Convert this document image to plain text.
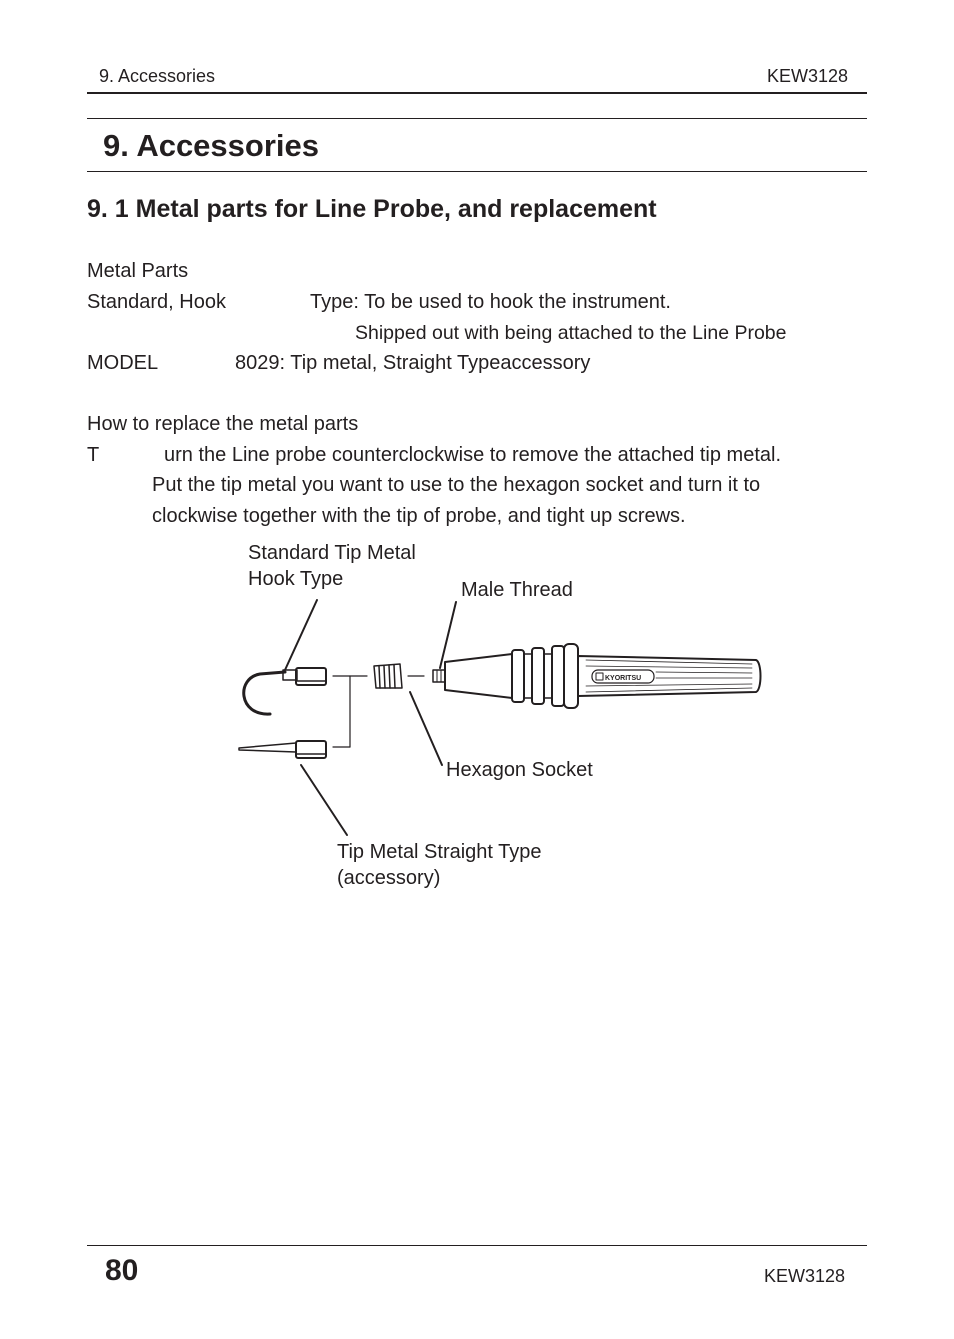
9. Accessories	KEW3128
9. Accessories
9. 1 Metal parts for Line Probe, and replacement
Metal Parts
Standard, Hook	Type: To be used to hook the instrument.
Shipped out with being attached to the Line Probe
MODEL	8029: Tip metal, Straight Typeaccessory
How to replace the metal parts
T	urn the Line probe counterclockwise to remove the attached tip metal.
Put the tip metal you want to use to the hexagon socket and turn it to
clockwise together with the tip of probe, and tight up screws.
KYORITSU
Standard Tip Metal
Hook Type	Male Thread
Hexagon Socket
Tip Metal Straight Type
(accessory)
80	KEW3128
